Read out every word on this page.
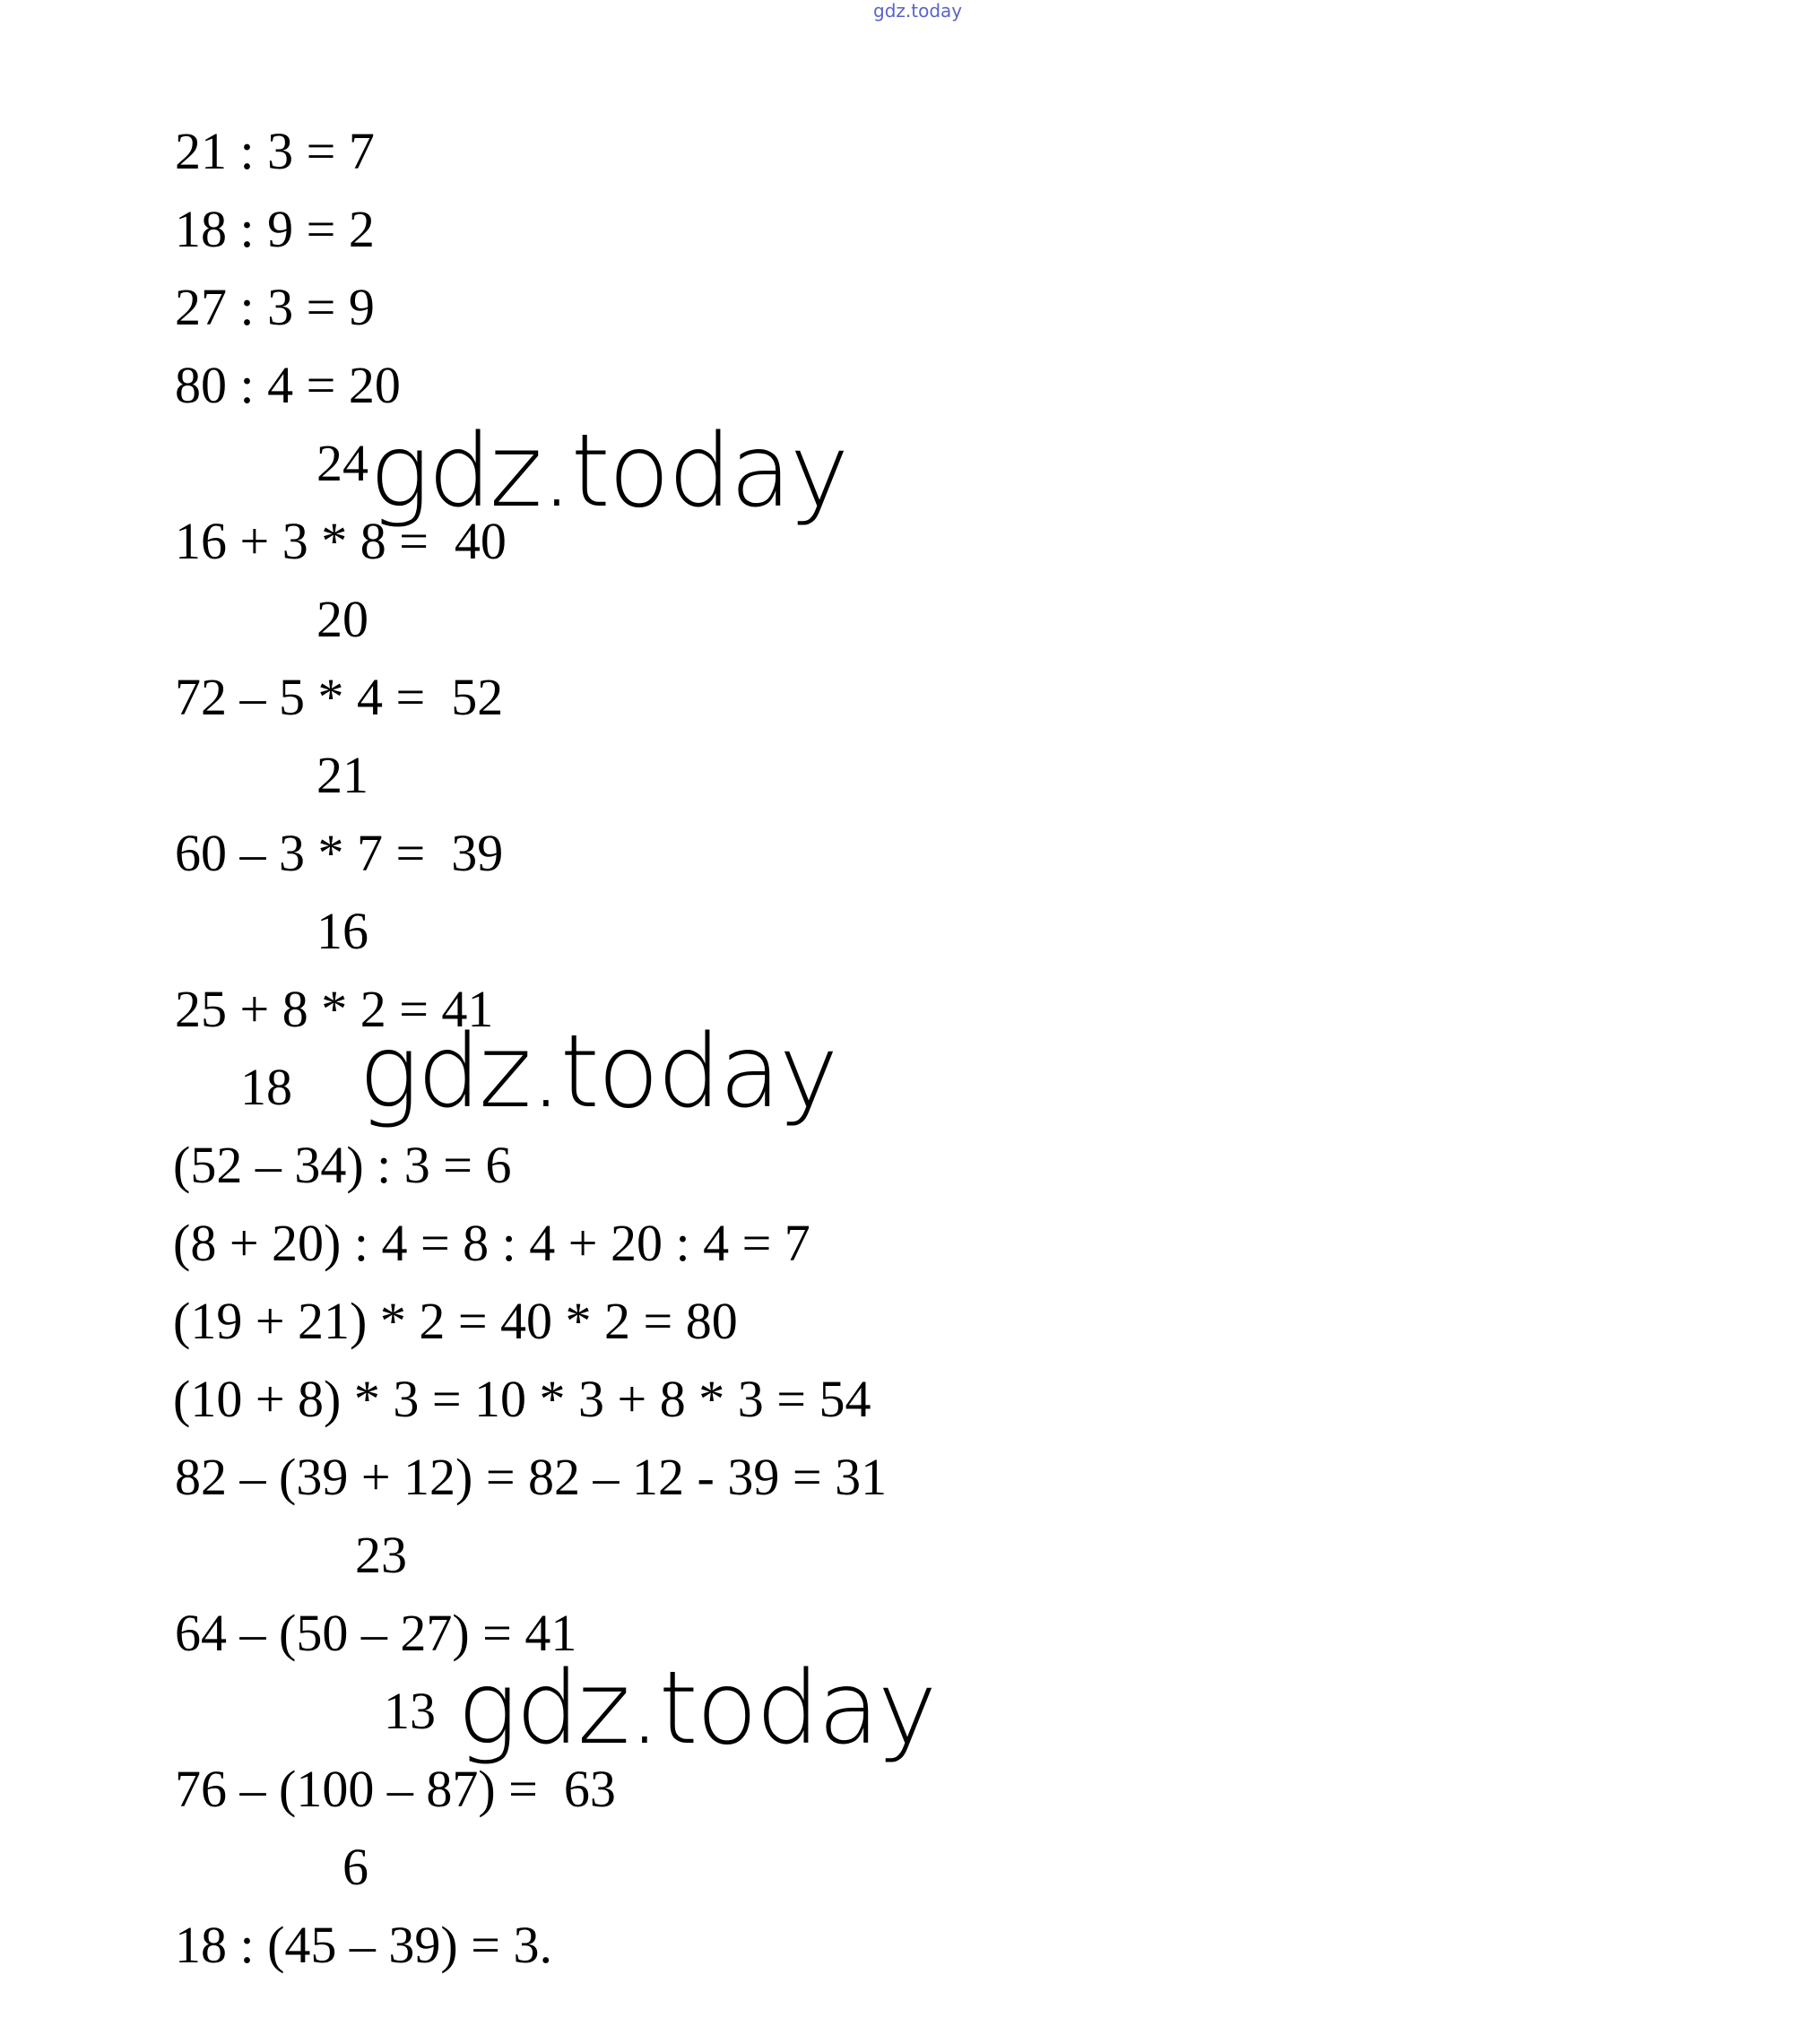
gdz.today
21 : 3 = 7
18 : 9 = 2
27 : 3 = 9
80 : 4 = 20
24 gdz.today
16 + 3 * 8 =  40
20
72 – 5 * 4 =  52
21
60 – 3 * 7 =  39
16
25 + 8 * 2 = 41
18 gdz.today
(52 – 34) : 3 = 6
(8 + 20) : 4 = 8 : 4 + 20 : 4 = 7
(19 + 21) * 2 = 40 * 2 = 80
(10 + 8) * 3 = 10 * 3 + 8 * 3 = 54
82 – (39 + 12) = 82 – 12 - 39 = 31
23
64 – (50 – 27) = 41
13 gdz.today
76 – (100 – 87) =  63
6
18 : (45 – 39) = 3.
